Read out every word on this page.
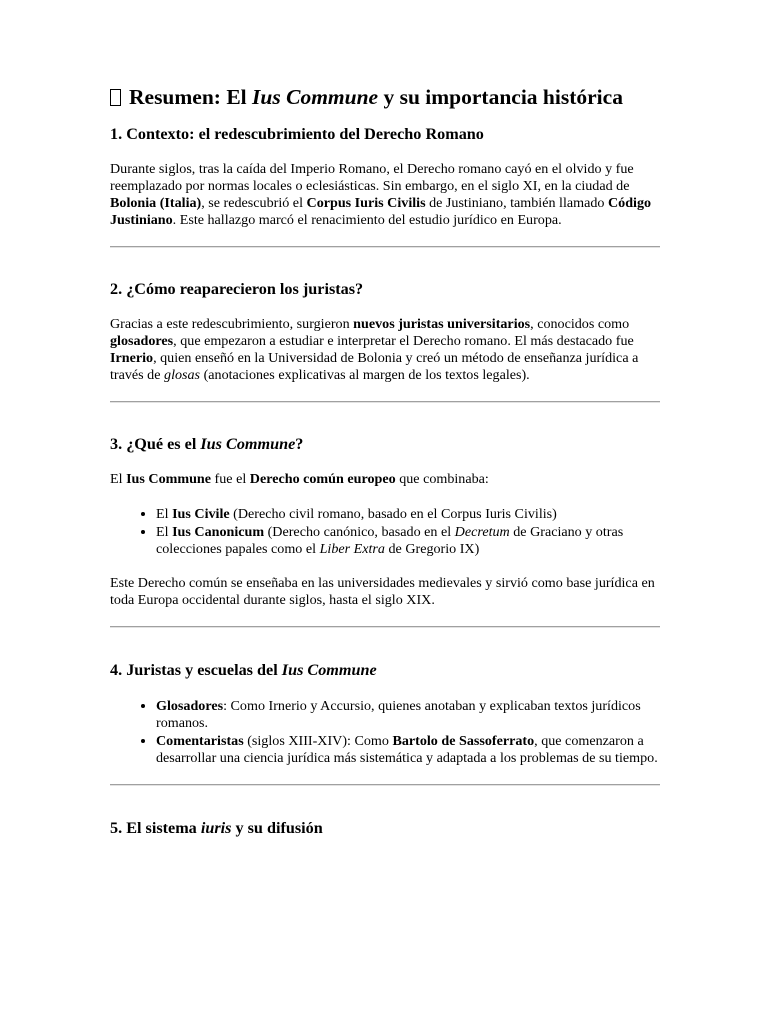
Resumen: El Ius Commune y su importancia histórica
1. Contexto: el redescubrimiento del Derecho Romano

Durante siglos, tras la caída del Imperio Romano, el Derecho romano cayó en el olvido y fue reemplazado por normas locales o eclesiásticas. Sin embargo, en el siglo XI, en la ciudad de Bolonia (Italia), se redescubrió el Corpus Iuris Civilis de Justiniano, también llamado Código Justiniano. Este hallazgo marcó el renacimiento del estudio jurídico en Europa.

2. ¿Cómo reaparecieron los juristas?

Gracias a este redescubrimiento, surgieron nuevos juristas universitarios, conocidos como glosadores, que empezaron a estudiar e interpretar el Derecho romano. El más destacado fue Irnerio, quien enseñó en la Universidad de Bolonia y creó un método de enseñanza jurídica a través de glosas (anotaciones explicativas al margen de los textos legales).

3. ¿Qué es el Ius Commune?

El Ius Commune fue el Derecho común europeo que combinaba:

• El Ius Civile (Derecho civil romano, basado en el Corpus Iuris Civilis)
• El Ius Canonicum (Derecho canónico, basado en el Decretum de Graciano y otras colecciones papales como el Liber Extra de Gregorio IX)

Este Derecho común se enseñaba en las universidades medievales y sirvió como base jurídica en toda Europa occidental durante siglos, hasta el siglo XIX.

4. Juristas y escuelas del Ius Commune
• Glosadores: Como Irnerio y Accursio, quienes anotaban y explicaban textos jurídicos romanos.
• Comentaristas (siglos XIII-XIV): Como Bartolo de Sassoferrato, que comenzaron a desarrollar una ciencia jurídica más sistemática y adaptada a los problemas de su tiempo.
5. El sistema iuris y su difusión
